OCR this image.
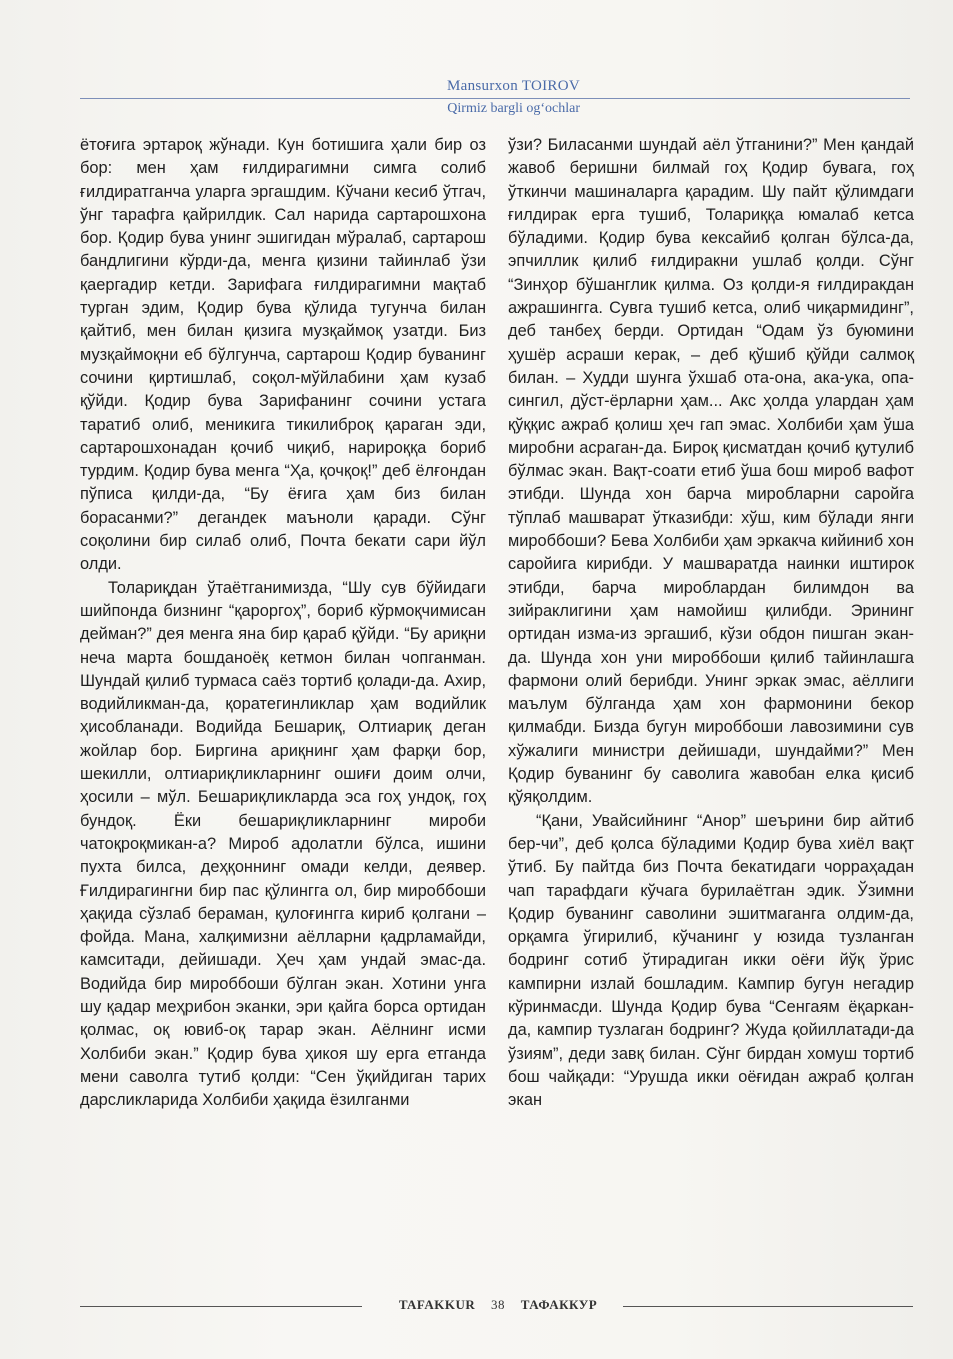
Mansurxon TOIROV
Qirmiz bargli og‘ochlar

ётоғига эртароқ жўнади. Кун ботишига ҳали бир оз бор: мен ҳам ғилдирагимни симга солиб ғилдиратганча уларга эргашдим. Кўчани кесиб ўтгач, ўнг тарафга қайрилдик. Сал нарида сартарошхона бор. Қодир бува унинг эшигидан мўралаб, сартарош бандлигини кўрди-да, менга қизини тайинлаб ўзи қаергадир кетди. Зарифага ғилдирагимни мақтаб турган эдим, Қодир бува қўлида тугунча билан қайтиб, мен билан қизига музқаймоқ узатди. Биз музқаймоқни еб бўлгунча, сартарош Қодир буванинг сочини қиртишлаб, соқол-мўйлабини ҳам кузаб қўйди. Қодир бува Зарифанинг сочини устага таратиб олиб, меникига тикилиброқ қараган эди, сартарошхонадан қочиб чиқиб, нарироққа бориб турдим. Қодир бува менга “Ҳа, қочқоқ!” деб ёлғондан пўписа қилди-да, “Бу ёғига ҳам биз билан борасанми?” дегандек маъноли қаради. Сўнг соқолини бир силаб олиб, Почта бекати сари йўл олди.

Толариқдан ўтаётганимизда, “Шу сув бўйидаги шийпонда бизнинг “қароргоҳ”, бориб кўрмоқчимисан дейман?” дея менга яна бир қараб қўйди. “Бу ариқни неча марта бошданоёқ кетмон билан чопганман. Шундай қилиб турмаса саёз тортиб қолади-да. Ахир, водийликман-да, қоратегинликлар ҳам водийлик ҳисобланади. Водийда Бешариқ, Олтиариқ деган жойлар бор. Биргина ариқнинг ҳам фарқи бор, шекилли, олтиариқликларнинг ошиғи доим олчи, ҳосили – мўл. Бешариқликларда эса гоҳ ундоқ, гоҳ бундоқ. Ёки бешариқликларнинг мироби чатоқроқмикан-а? Мироб адолатли бўлса, ишини пухта билса, деҳқоннинг омади келди, деявер. Ғилдирагингни бир пас қўлингга ол, бир мироббоши ҳақида сўзлаб бераман, қулоғингга кириб қолгани – фойда. Мана, халқимизни аёлларни қадрламайди, камситади, дейишади. Ҳеч ҳам ундай эмас-да. Водийда бир мироббоши бўлган экан. Хотини унга шу қадар меҳрибон эканки, эри қайга борса ортидан қолмас, оқ ювиб-оқ тарар экан. Аёлнинг исми Холбиби экан.” Қодир бува ҳикоя шу ерга етганда мени саволга тутиб қолди: “Сен ўқийдиган тарих дарсликларида Холбиби ҳақида ёзилганми

ўзи? Биласанми шундай аёл ўтганини?” Мен қандай жавоб беришни билмай гоҳ Қодир бувага, гоҳ ўткинчи машиналарга қарадим. Шу пайт қўлимдаги ғилдирак ерга тушиб, Толариққа юмалаб кетса бўладими. Қодир бува кексайиб қолган бўлса-да, эпчиллик қилиб ғилдиракни ушлаб қолди. Сўнг “Зинҳор бўшанглик қилма. Оз қолди-я ғилдиракдан ажрашингга. Сувга тушиб кетса, олиб чиқармидинг”, деб танбеҳ берди. Ортидан “Одам ўз буюмини ҳушёр асраши керак, – деб қўшиб қўйди салмоқ билан. – Худди шунга ўхшаб ота-она, ака-ука, опа-сингил, дўст-ёрларни ҳам... Акс ҳолда улардан ҳам қўққис ажраб қолиш ҳеч гап эмас. Холбиби ҳам ўша миробни асраган-да. Бироқ қисматдан қочиб қутулиб бўлмас экан. Вақт-соати етиб ўша бош мироб вафот этибди. Шунда хон барча миробларни саройга тўплаб машварат ўтказибди: хўш, ким бўлади янги мироббоши? Бева Холбиби ҳам эркакча кийиниб хон саройига кирибди. У машваратда наинки иштирок этибди, барча мироблардан билимдон ва зийраклигини ҳам намойиш қилибди. Эрининг ортидан изма-из эргашиб, кўзи обдон пишган экан-да. Шунда хон уни мироббоши қилиб тайинлашга фармони олий берибди. Унинг эркак эмас, аёллиги маълум бўлганда ҳам хон фармонини бекор қилмабди. Бизда бугун мироббоши лавозимини сув хўжалиги министри дейишади, шундайми?” Мен Қодир буванинг бу саволига жавобан елка қисиб қўяқолдим.

“Қани, Увайсийнинг “Анор” шеърини бир айтиб бер-чи”, деб қолса бўладими Қодир бува хиёл вақт ўтиб. Бу пайтда биз Почта бекатидаги чорраҳадан чап тарафдаги кўчага бурилаётган эдик. Ўзимни Қодир буванинг саволини эшитмаганга олдим-да, орқамга ўгирилиб, кўчанинг у юзида тузланган бодринг сотиб ўтирадиган икки оёғи йўқ ўрис кампирни излай бошладим. Кампир бугун негадир кўринмасди. Шунда Қодир бува “Сенгаям ёқаркан-да, кампир тузлаган бодринг? Жуда қойиллатади-да ўзиям”, деди завқ билан. Сўнг бирдан хомуш тортиб бош чайқади: “Урушда икки оёғидан ажраб қолган экан

TAFAKKUR 38 ТАФАККУР
